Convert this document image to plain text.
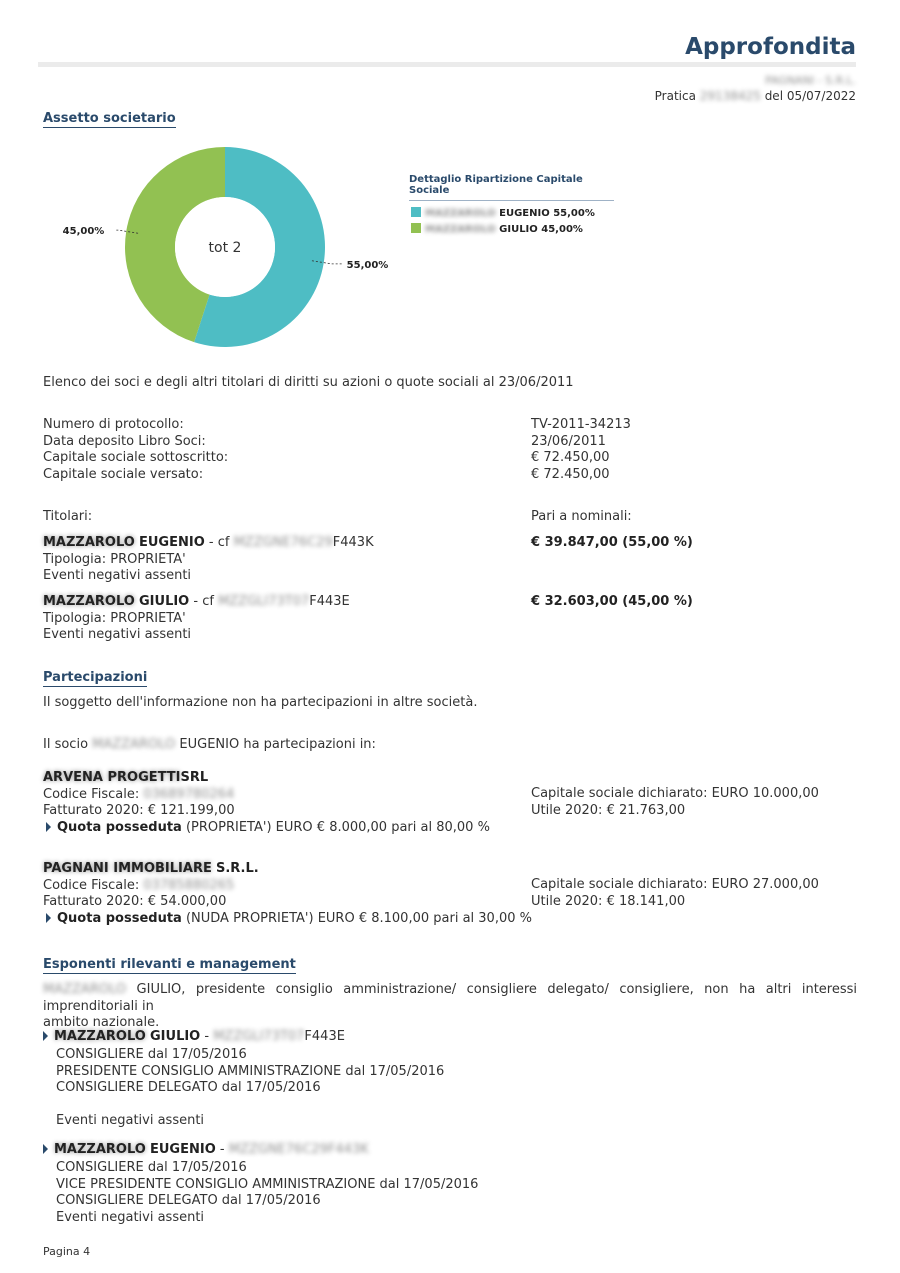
Approfondita
PAGNANI - S.R.L.
Pratica 29138425 del 05/07/2022
Assetto societario
tot 2
55,00%
45,00%
Dettaglio Ripartizione Capitale Sociale
MAZZAROLO EUGENIO 55,00%
MAZZAROLO GIULIO 45,00%
Elenco dei soci e degli altri titolari di diritti su azioni o quote sociali al 23/06/2011
Numero di protocollo:
Data deposito Libro Soci:
Capitale sociale sottoscritto:
Capitale sociale versato:
TV-2011-34213
23/06/2011
€ 72.450,00
€ 72.450,00
Titolari:	Pari a nominali:
MAZZAROLO EUGENIO - cf MZZGNE76C29F443K
Tipologia: PROPRIETA'
Eventi negativi assenti
€ 39.847,00 (55,00 %)
MAZZAROLO GIULIO - cf MZZGLI73T07F443E
Tipologia: PROPRIETA'
Eventi negativi assenti
€ 32.603,00 (45,00 %)
Partecipazioni
Il soggetto dell'informazione non ha partecipazioni in altre società.
Il socio MAZZAROLO EUGENIO ha partecipazioni in:
ARVENA PROGETTISRL
Codice Fiscale: 03689780264
Fatturato 2020: € 121.199,00
Quota posseduta (PROPRIETA') EURO € 8.000,00 pari al 80,00 %
Capitale sociale dichiarato: EURO 10.000,00
Utile 2020: € 21.763,00
PAGNANI IMMOBILIARE S.R.L.
Codice Fiscale: 03785880265
Fatturato 2020: € 54.000,00
Quota posseduta (NUDA PROPRIETA') EURO € 8.100,00 pari al 30,00 %
Capitale sociale dichiarato: EURO 27.000,00
Utile 2020: € 18.141,00
Esponenti rilevanti e management
MAZZAROLO GIULIO, presidente consiglio amministrazione/ consigliere delegato/ consigliere, non ha altri interessi imprenditoriali in
ambito nazionale.
MAZZAROLO GIULIO - MZZGLI73T07F443E
CONSIGLIERE dal 17/05/2016
PRESIDENTE CONSIGLIO AMMINISTRAZIONE dal 17/05/2016
CONSIGLIERE DELEGATO dal 17/05/2016
Eventi negativi assenti
MAZZAROLO EUGENIO - MZZGNE76C29F443K
CONSIGLIERE dal 17/05/2016
VICE PRESIDENTE CONSIGLIO AMMINISTRAZIONE dal 17/05/2016
CONSIGLIERE DELEGATO dal 17/05/2016
Eventi negativi assenti
Pagina 4
